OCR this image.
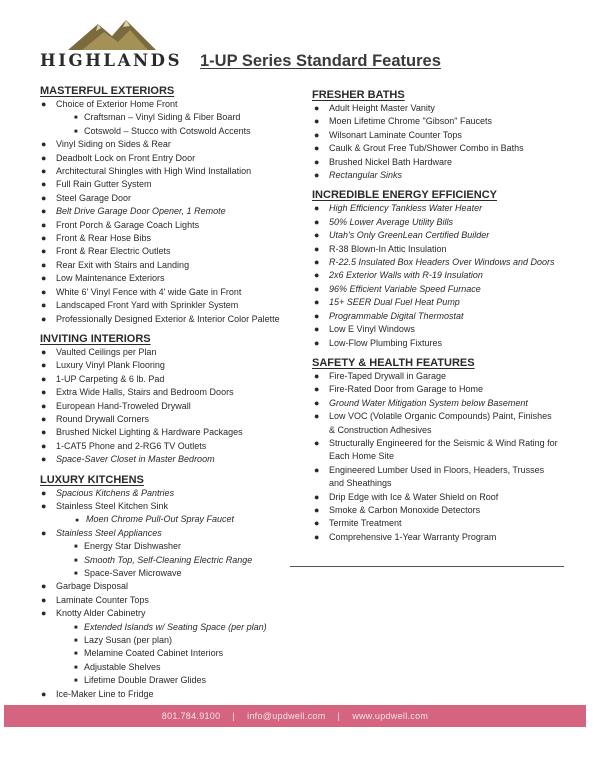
HIGHLANDS 1-UP Series Standard Features
MASTERFUL EXTERIORS
● Choice of Exterior Home Front
■ Craftsman – Vinyl Siding & Fiber Board
■ Cotswold – Stucco with Cotswold Accents
● Vinyl Siding on Sides & Rear
● Deadbolt Lock on Front Entry Door
● Architectural Shingles with High Wind Installation
● Full Rain Gutter System
● Steel Garage Door
● Belt Drive Garage Door Opener, 1 Remote
● Front Porch & Garage Coach Lights
● Front & Rear Hose Bibs
● Front & Rear Electric Outlets
● Rear Exit with Stairs and Landing
● Low Maintenance Exteriors
● White 6' Vinyl Fence with 4' wide Gate in Front
● Landscaped Front Yard with Sprinkler System
● Professionally Designed Exterior & Interior Color Palette
INVITING INTERIORS
● Vaulted Ceilings per Plan
● Luxury Vinyl Plank Flooring
● 1-UP Carpeting & 6 lb. Pad
● Extra Wide Halls, Stairs and Bedroom Doors
● European Hand-Troweled Drywall
● Round Drywall Corners
● Brushed Nickel Lighting & Hardware Packages
● 1-CAT5 Phone and 2-RG6 TV Outlets
● Space-Saver Closet in Master Bedroom
LUXURY KITCHENS
● Spacious Kitchens & Pantries
● Stainless Steel Kitchen Sink
● Moen Chrome Pull-Out Spray Faucet
● Stainless Steel Appliances
■ Energy Star Dishwasher
■ Smooth Top, Self-Cleaning Electric Range
■ Space-Saver Microwave
● Garbage Disposal
● Laminate Counter Tops
● Knotty Alder Cabinetry
■ Extended Islands w/ Seating Space (per plan)
■ Lazy Susan (per plan)
■ Melamine Coated Cabinet Interiors
■ Adjustable Shelves
■ Lifetime Double Drawer Glides
● Ice-Maker Line to Fridge
FRESHER BATHS
● Adult Height Master Vanity
● Moen Lifetime Chrome "Gibson" Faucets
● Wilsonart Laminate Counter Tops
● Caulk & Grout Free Tub/Shower Combo in Baths
● Brushed Nickel Bath Hardware
● Rectangular Sinks
INCREDIBLE ENERGY EFFICIENCY
● High Efficiency Tankless Water Heater
● 50% Lower Average Utility Bills
● Utah's Only GreenLean Certified Builder
● R-38 Blown-In Attic Insulation
● R-22.5 Insulated Box Headers Over Windows and Doors
● 2x6 Exterior Walls with R-19 Insulation
● 96% Efficient Variable Speed Furnace
● 15+ SEER Dual Fuel Heat Pump
● Programmable Digital Thermostat
● Low E Vinyl Windows
● Low-Flow Plumbing Fixtures
SAFETY & HEALTH FEATURES
● Fire-Taped Drywall in Garage
● Fire-Rated Door from Garage to Home
● Ground Water Mitigation System below Basement
● Low VOC (Volatile Organic Compounds) Paint, Finishes & Construction Adhesives
● Structurally Engineered for the Seismic & Wind Rating for Each Home Site
● Engineered Lumber Used in Floors, Headers, Trusses and Sheathings
● Drip Edge with Ice & Water Shield on Roof
● Smoke & Carbon Monoxide Detectors
● Termite Treatment
● Comprehensive 1-Year Warranty Program
801.784.9100 | info@updwell.com | www.updwell.com
